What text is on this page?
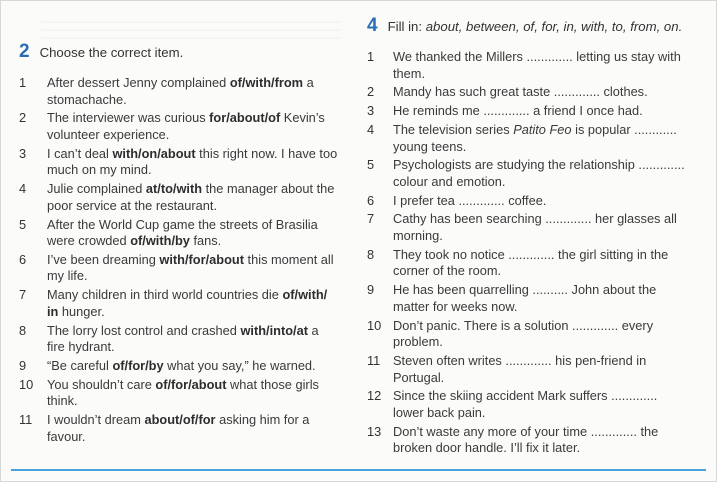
2 Choose the correct item.
1	After dessert Jenny complained of/with/from a stomachache.
2	The interviewer was curious for/about/of Kevin’s volunteer experience.
3	I can’t deal with/on/about this right now. I have too much on my mind.
4	Julie complained at/to/with the manager about the poor service at the restaurant.
5	After the World Cup game the streets of Brasilia were crowded of/with/by fans.
6	I’ve been dreaming with/for/about this moment all my life.
7	Many children in third world countries die of/with/ in hunger.
8	The lorry lost control and crashed with/into/at a fire hydrant.
9	“Be careful of/for/by what you say,” he warned.
10	You shouldn’t care of/for/about what those girls think.
11	I wouldn’t dream about/of/for asking him for a favour.
4 Fill in: about, between, of, for, in, with, to, from, on.
1	We thanked the Millers ............. letting us stay with them.
2	Mandy has such great taste ............. clothes.
3	He reminds me ............. a friend I once had.
4	The television series Patito Feo is popular ............ young teens.
5	Psychologists are studying the relationship ............. colour and emotion.
6	I prefer tea ............. coffee.
7	Cathy has been searching ............. her glasses all morning.
8	They took no notice ............. the girl sitting in the corner of the room.
9	He has been quarrelling .......... John about the matter for weeks now.
10 Don’t panic. There is a solution ............. every problem.
11 Steven often writes ............. his pen-friend in Portugal.
12 Since the skiing accident Mark suffers ............. lower back pain.
13 Don’t waste any more of your time ............. the broken door handle. I’ll fix it later.
